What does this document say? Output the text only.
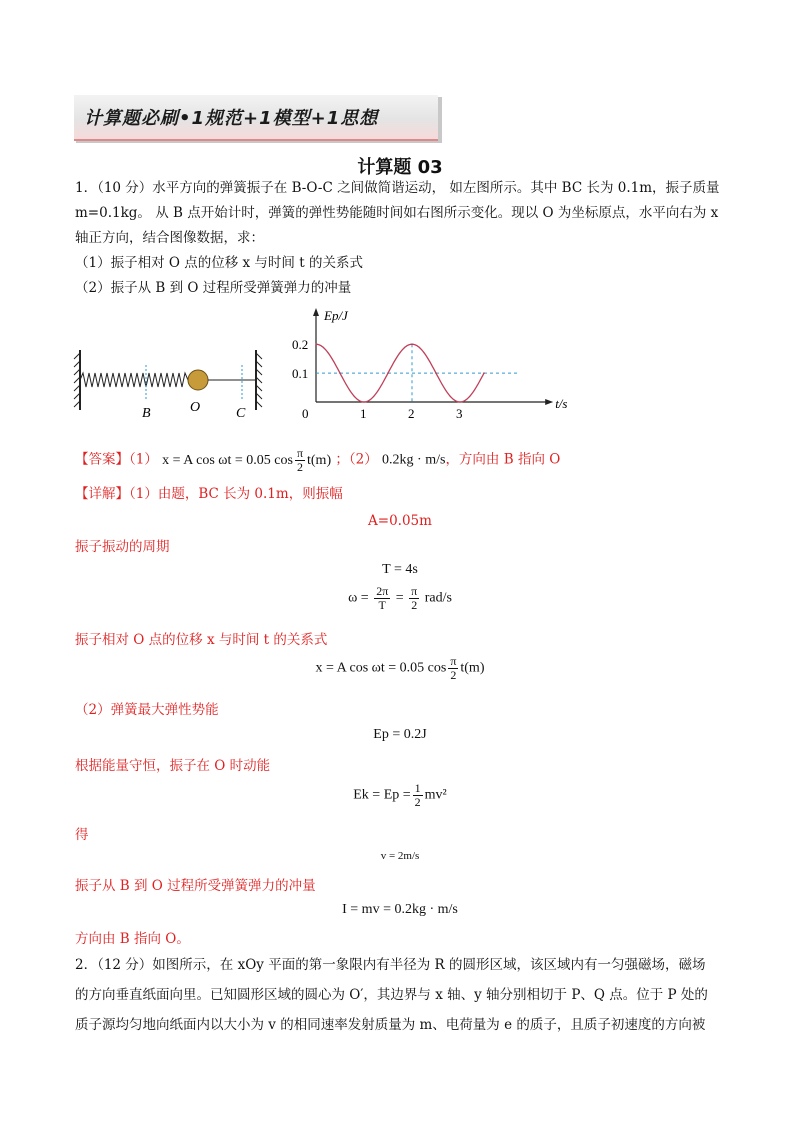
计算题必刷•1规范+1模型+1思想
计算题 03
1．（10 分）水平方向的弹簧振子在 B-O-C 之间做简谐运动， 如左图所示。其中 BC 长为 0.1m，振子质量
m=0.1kg。 从 B 点开始计时，弹簧的弹性势能随时间如右图所示变化。现以 O 为坐标原点，水平向右为 x
轴正方向，结合图像数据，求：
（1）振子相对 O 点的位移 x 与时间 t 的关系式
（2）振子从 B 到 O 过程所受弹簧弹力的冲量
B	O	C	0	1	2	3
0.1
0.2
t/s
Ep/J
【答案】（1） x = A cos ωt = 0.05 $\cos \frac{\pi}{2} t(m)$ ；（2） 0.2kg · m/s，方向由 B 指向 O
【详解】（1）由题，BC 长为 0.1m，则振幅
A=0.05m
振子振动的周期
T = 4s
$\omega = \frac{2\pi}{T} = \frac{\pi}{2} rad/s$
振子相对 O 点的位移 x 与时间 t 的关系式
x = A cos ωt = 0.05 $\cos \frac{\pi}{2} t(m)$
（2）弹簧最大弹性势能
Ep = 0.2J
根据能量守恒，振子在 O 时动能
$Ek = Ep = \frac{1}{2} mv^2$
得
v = 2m/s
振子从 B 到 O 过程所受弹簧弹力的冲量
I = mv = 0.2kg · m/s
方向由 B 指向 O。
2．（12 分）如图所示，在 xOy 平面的第一象限内有半径为 R 的圆形区域，该区域内有一匀强磁场，磁场
的方向垂直纸面向里。已知圆形区域的圆心为 O′，其边界与 x 轴、y 轴分别相切于 P、Q 点。位于 P 处的
质子源均匀地向纸面内以大小为 v 的相同速率发射质量为 m、电荷量为 e 的质子，且质子初速度的方向被
